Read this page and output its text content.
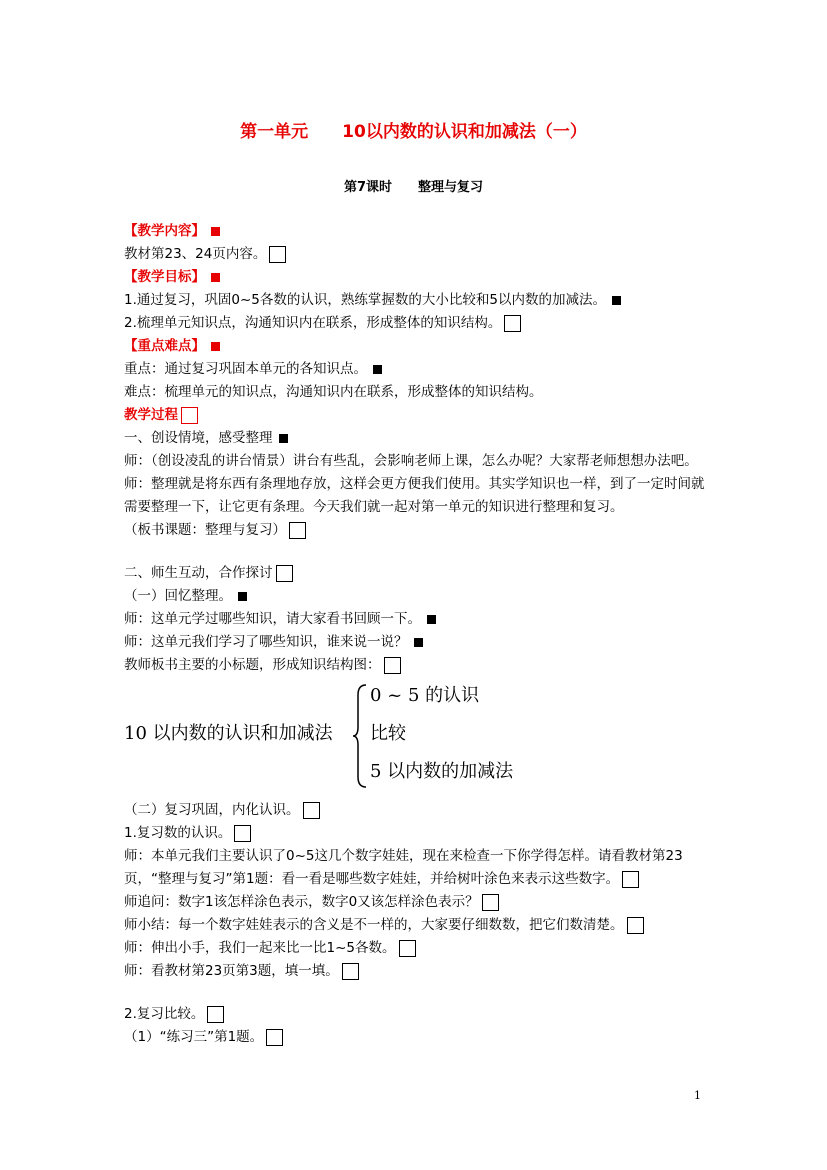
第一单元　　10以内数的认识和加减法（一）
第7课时　　整理与复习
【教学内容】
教材第23、24页内容。
【教学目标】
1.通过复习，巩固0~5各数的认识，熟练掌握数的大小比较和5以内数的加减法。
2.梳理单元知识点，沟通知识内在联系，形成整体的知识结构。
【重点难点】
重点：通过复习巩固本单元的各知识点。
难点：梳理单元的知识点，沟通知识内在联系，形成整体的知识结构。
教学过程
一、创设情境，感受整理
师：（创设凌乱的讲台情景）讲台有些乱，会影响老师上课，怎么办呢？大家帮老师想想办法吧。
师：整理就是将东西有条理地存放，这样会更方便我们使用。其实学知识也一样，到了一定时间就需要整理一下，让它更有条理。今天我们就一起对第一单元的知识进行整理和复习。
（板书课题：整理与复习）
二、师生互动，合作探讨
（一）回忆整理。
师：这单元学过哪些知识，请大家看书回顾一下。
师：这单元我们学习了哪些知识，谁来说一说？
教师板书主要的小标题，形成知识结构图：
10 以内数的认识和加减法
0 ~ 5 的认识
比较
5 以内数的加减法
（二）复习巩固，内化认识。
1.复习数的认识。
师：本单元我们主要认识了0~5这几个数字娃娃，现在来检查一下你学得怎样。请看教材第23页，“整理与复习”第1题：看一看是哪些数字娃娃，并给树叶涂色来表示这些数字。
师追问：数字1该怎样涂色表示，数字0又该怎样涂色表示？
师小结：每一个数字娃娃表示的含义是不一样的，大家要仔细数数，把它们数清楚。
师：伸出小手，我们一起来比一比1~5各数。
师：看教材第23页第3题，填一填。
2.复习比较。
（1）“练习三”第1题。
1
